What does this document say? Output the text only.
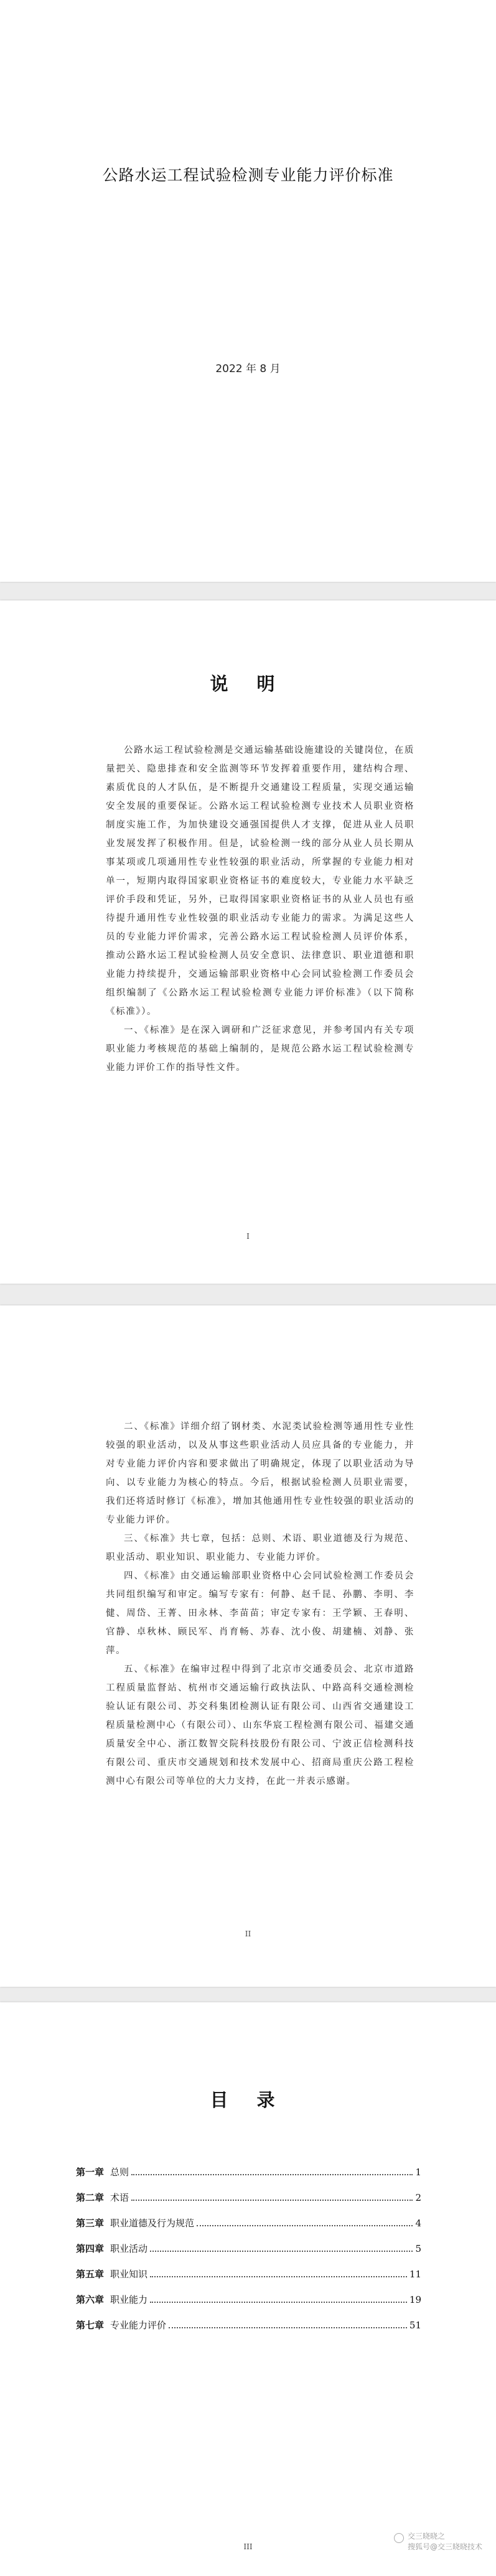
公路水运工程试验检测专业能力评价标准
2022 年 8 月
说 明

公路水运工程试验检测是交通运输基础设施建设的关键岗位，在质量把关、隐患排查和安全监测等环节发挥着重要作用，建结构合理、素质优良的人才队伍，是不断提升交通建设工程质量，实现交通运输安全发展的重要保证。公路水运工程试验检测专业技术人员职业资格制度实施工作，为加快建设交通强国提供人才支撑，促进从业人员职业发展发挥了积极作用。但是，试验检测一线的部分从业人员长期从事某项或几项通用性专业性较强的职业活动，所掌握的专业能力相对单一，短期内取得国家职业资格证书的难度较大，专业能力水平缺乏评价手段和凭证，另外，已取得国家职业资格证书的从业人员也有亟待提升通用性专业性较强的职业活动专业能力的需求。为满足这些人员的专业能力评价需求，完善公路水运工程试验检测人员评价体系，推动公路水运工程试验检测人员安全意识、法律意识、职业道德和职业能力持续提升，交通运输部职业资格中心会同试验检测工作委员会组织编制了《公路水运工程试验检测专业能力评价标准》（以下简称《标准》）。

一、《标准》是在深入调研和广泛征求意见，并参考国内有关专项职业能力考核规范的基础上编制的，是规范公路水运工程试验检测专业能力评价工作的指导性文件。

I

二、《标准》详细介绍了钢材类、水泥类试验检测等通用性专业性较强的职业活动，以及从事这些职业活动人员应具备的专业能力，并对专业能力评价内容和要求做出了明确规定，体现了以职业活动为导向、以专业能力为核心的特点。今后，根据试验检测人员职业需要，我们还将适时修订《标准》，增加其他通用性专业性较强的职业活动的专业能力评价。

三、《标准》共七章，包括：总则、术语、职业道德及行为规范、职业活动、职业知识、职业能力、专业能力评价。

四、《标准》由交通运输部职业资格中心会同试验检测工作委员会共同组织编写和审定。编写专家有：何静、赵千昆、孙鹏、李明、李健、周岱、王菁、田永林、李苗苗；审定专家有：王学颖、王春明、官静、卓秋林、顾民军、肖育畅、苏春、沈小俊、胡建楠、刘静、张萍。

五、《标准》在编审过程中得到了北京市交通委员会、北京市道路工程质量监督站、杭州市交通运输行政执法队、中路高科交通检测检验认证有限公司、苏交科集团检测认证有限公司、山西省交通建设工程质量检测中心（有限公司）、山东华宸工程检测有限公司、福建交通质量安全中心、浙江数智交院科技股份有限公司、宁波正信检测科技有限公司、重庆市交通规划和技术发展中心、招商局重庆公路工程检测中心有限公司等单位的大力支持，在此一并表示感谢。

II
目 录
第一章 总则	1
第二章 术语	2
第三章 职业道德及行为规范	4
第四章 职业活动	5
第五章 职业知识	11
第六章 职业能力	19
第七章 专业能力评价	51
III
交三晓晓之
搜狐号@交三晓晓技术
